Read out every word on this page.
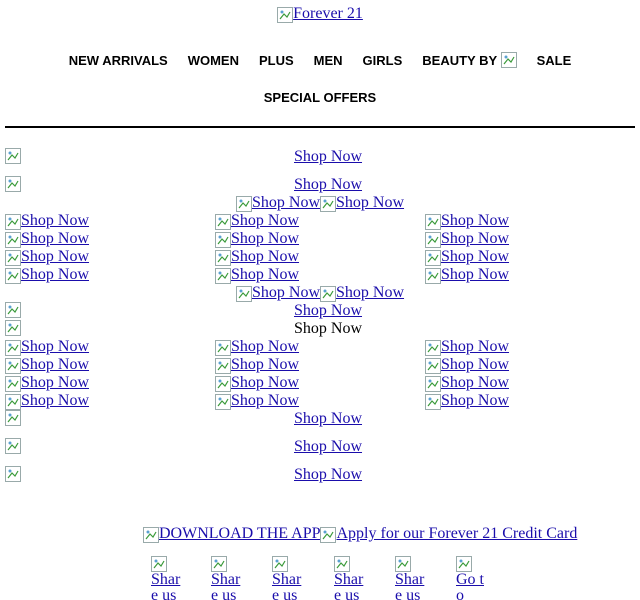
Forever 21
NEW ARRIVALS	WOMEN	PLUS	MEN	GIRLS	BEAUTY BY	SALE
SPECIAL OFFERS
Shop Now
Shop Now
Shop Now Shop Now
Shop Now	Shop Now	Shop Now
Shop Now	Shop Now	Shop Now
Shop Now	Shop Now	Shop Now
Shop Now	Shop Now	Shop Now
Shop Now Shop Now
Shop Now
Shop Now
Shop Now	Shop Now	Shop Now
Shop Now	Shop Now	Shop Now
Shop Now	Shop Now	Shop Now
Shop Now	Shop Now	Shop Now
Shop Now
Shop Now
Shop Now
DOWNLOAD THE APP Apply for our Forever 21 Credit Card
Share us
Share us
Share us
Share us
Share us
Go to
